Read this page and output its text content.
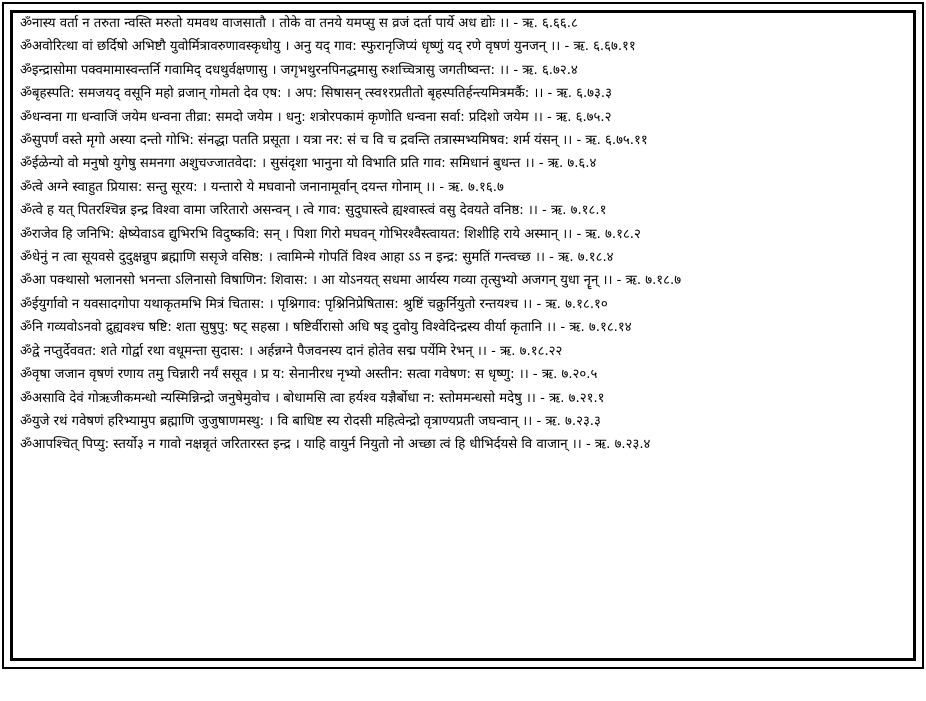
ॐनास्य वर्ता न तरुता न्वस्ति मरुतो यमवथ वाजसातौ । तोके वा तनये यमप्सु स व्रजं दर्ता पार्ये अध द्योः ।। - ऋ. ६.६६.८

ॐअवोरित्था वां छर्दिषो अभिष्टौ युवोर्मित्रावरुणावस्कृधोयु । अनु यद् गाव: स्फुरानृजिप्यं धृष्णुं यद् रणे वृषणं युनजन् ।। - ऋ. ६.६७.११

ॐइन्द्रासोमा पक्वमामास्वन्तर्नि गवामिद् दधथुर्वक्षणासु । जगृभथुरनपिनद्धमासु रुशच्चित्रासु जगतीष्वन्त: ।। - ऋ. ६.७२.४

ॐबृहस्पति: समजयद् वसूनि महो व्रजान् गोमतो देव एष: । अप: सिषासन् त्स्व१रप्रतीतो बृहस्पतिर्हन्त्यमित्रमर्कै: ।। - ऋ. ६.७३.३

ॐधन्वना गा धन्वाजिं जयेम धन्वना तीव्रा: समदो जयेम । धनु: शत्रोरपकामं कृणोति धन्वना सर्वा: प्रदिशो जयेम ।। - ऋ. ६.७५.२

ॐसुपर्णं वस्ते मृगो अस्या दन्तो गोभि: संनद्धा पतति प्रसूता । यत्रा नर: सं च वि च द्रवन्ति तत्रास्मभ्यमिषव: शर्म यंसन् ।। - ऋ. ६.७५.११

ॐईळेन्यो वो मनुषो युगेषु समनगा अशुचज्जातवेदा: । सुसंदृशा भानुना यो विभाति प्रति गाव: समिधानं बुधन्त ।। - ऋ. ७.६.४

ॐत्वे अग्ने स्वाहुत प्रियास: सन्तु सूरय: । यन्तारो ये मघवानो जनानामूर्वान् दयन्त गोनाम् ।। - ऋ. ७.१६.७

ॐत्वे ह यत् पितरश्चिन्न इन्द्र विश्वा वामा जरितारो असन्वन् । त्वे गाव: सुदुघास्त्वे ह्यश्वास्त्वं वसु देवयते वनिष्ठ: ।। - ऋ. ७.१८.१

ॐराजेव हि जनिभि: क्षेष्येवाऽव द्युभिरभि विदुष्कवि: सन् । पिशा गिरो मघवन् गोभिरश्वैस्त्वायत: शिशीहि राये अस्मान् ।। - ऋ. ७.१८.२

ॐधेनुं न त्वा सूयवसे दुदुक्षन्नुप ब्रह्माणि ससृजे वसिष्ठ: । त्वामिन्मे गोपतिं विश्व आहा ऽऽ न इन्द्र: सुमतिं गन्त्वच्छ ।। - ऋ. ७.१८.४

ॐआ पक्थासो भलानसो भनन्ता ऽलिनासो विषाणिन: शिवास: । आ योऽनयत् सधमा आर्यस्य गव्या तृत्सुभ्यो अजगन् युधा नॄन् ।। - ऋ. ७.१८.७

ॐईयुर्गावो न यवसादगोपा यथाकृतमभि मित्रं चितास: । पृश्निगाव: पृश्निनिप्रेषितास: श्रुष्टिं चक्रुर्नियुतो रन्तयश्च ।। - ऋ. ७.१८.१०

ॐनि गव्यवोऽनवो द्रुह्यवश्च षष्टि: शता सुषुपु: षट् सहस्रा । षष्टिर्वीरासो अधि षड् दुवोयु विश्वेदिन्द्रस्य वीर्या कृतानि ।। - ऋ. ७.१८.१४

ॐद्वे नप्तुर्देववत: शते गोर्द्वा रथा वधूमन्ता सुदास: । अर्हन्नग्ने पैजवनस्य दानं होतेव सद्म पर्येमि रेभन् ।। - ऋ. ७.१८.२२

ॐवृषा जजान वृषणं रणाय तमु चिन्नारी नर्यं ससूव । प्र य: सेनानीरध नृभ्यो अस्तीन: सत्वा गवेषण: स धृष्णु: ।। - ऋ. ७.२०.५

ॐअसावि देवं गोऋजीकमन्धो न्यस्मिन्निन्द्रो जनुषेमुवोच । बोधामसि त्वा हर्यश्व यज्ञैर्बोधा न: स्तोममन्धसो मदेषु ।। - ऋ. ७.२१.१

ॐयुजे रथं गवेषणं हरिभ्यामुप ब्रह्माणि जुजुषाणमस्थु: । वि बाधिष्ट स्य रोदसी महित्वेन्द्रो वृत्राण्यप्रती जघन्वान् ।। - ऋ. ७.२३.३

ॐआपश्चित् पिप्यु: स्तर्यो३ न गावो नक्षन्नृतं जरितारस्त इन्द्र । याहि वायुर्न नियुतो नो अच्छा त्वं हि धीभिर्दयसे वि वाजान् ।। - ऋ. ७.२३.४
